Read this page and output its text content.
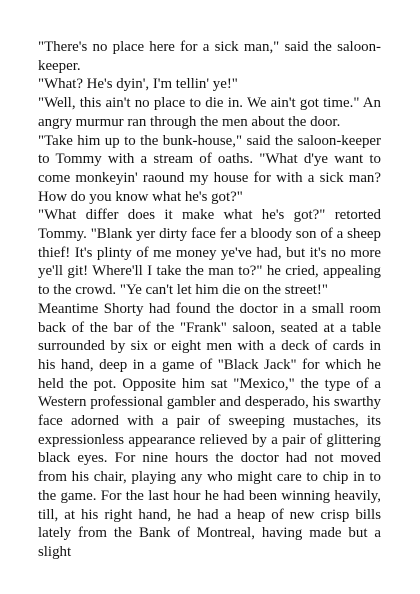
"There's no place here for a sick man," said the saloon-keeper.

"What? He's dyin', I'm tellin' ye!"

"Well, this ain't no place to die in. We ain't got time." An angry murmur ran through the men about the door.

"Take him up to the bunk-house," said the saloon-keeper to Tommy with a stream of oaths. "What d'ye want to come monkeyin' raound my house for with a sick man? How do you know what he's got?"

"What differ does it make what he's got?" retorted Tommy. "Blank yer dirty face fer a bloody son of a sheep thief! It's plinty of me money ye've had, but it's no more ye'll git! Where'll I take the man to?" he cried, appealing to the crowd. "Ye can't let him die on the street!"

Meantime Shorty had found the doctor in a small room back of the bar of the "Frank" saloon, seated at a table surrounded by six or eight men with a deck of cards in his hand, deep in a game of "Black Jack" for which he held the pot. Opposite him sat "Mexico," the type of a Western professional gambler and desperado, his swarthy face adorned with a pair of sweeping mustaches, its expressionless appearance relieved by a pair of glittering black eyes. For nine hours the doctor had not moved from his chair, playing any who might care to chip in to the game. For the last hour he had been winning heavily, till, at his right hand, he had a heap of new crisp bills lately from the Bank of Montreal, having made but a slight
